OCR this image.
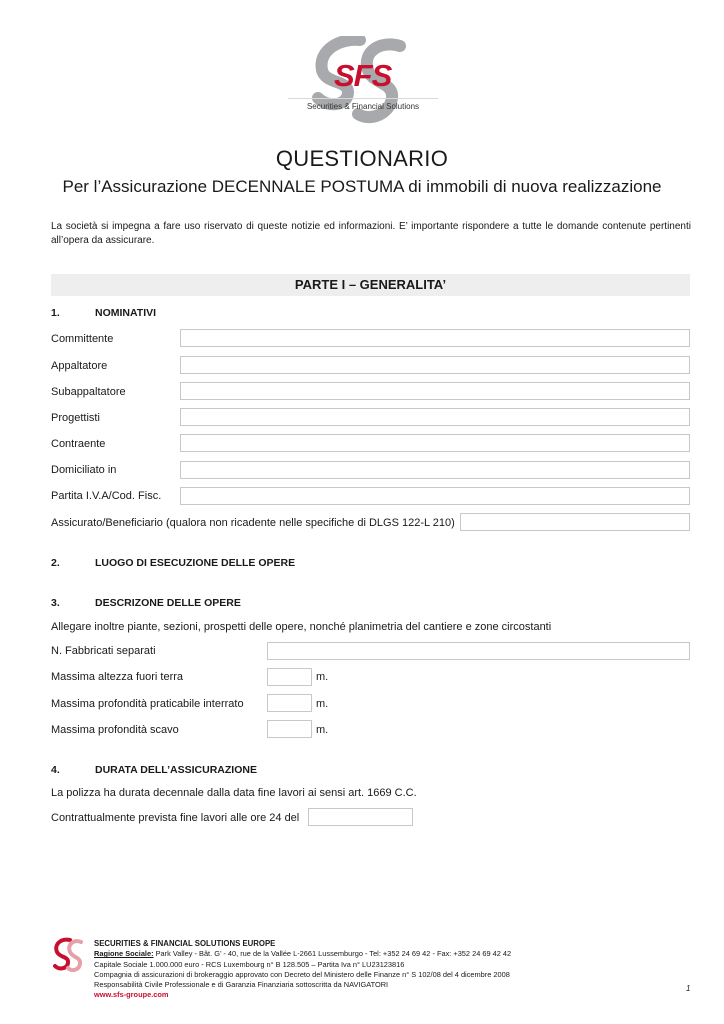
SFS
Securities & Financial Solutions
QUESTIONARIO
Per l’Assicurazione DECENNALE POSTUMA di immobili di nuova realizzazione
La società si impegna a fare uso riservato di queste notizie ed informazioni. E’ importante rispondere a tutte le domande contenute pertinenti all’opera da assicurare.
PARTE I – GENERALITA’
1.	NOMINATIVI
Committente
Appaltatore
Subappaltatore
Progettisti
Contraente
Domiciliato in
Partita I.V.A/Cod. Fisc.
Assicurato/Beneficiario (qualora non ricadente nelle specifiche di DLGS 122-L 210)
2.	LUOGO DI ESECUZIONE DELLE OPERE
3.	DESCRIZONE DELLE OPERE
Allegare inoltre piante, sezioni, prospetti delle opere, nonché planimetria del cantiere e zone circostanti
N. Fabbricati separati
Massima altezza fuori terra	m.
Massima profondità praticabile interrato	m.
Massima profondità scavo	m.
4.	DURATA DELL’ASSICURAZIONE
La polizza ha durata decennale dalla data fine lavori ai sensi art. 1669 C.C.
Contrattualmente prevista fine lavori alle ore 24 del
SECURITIES & FINANCIAL SOLUTIONS EUROPE
Ragione Sociale: Park Valley - Bât. G’ - 40, rue de la Vallée L-2661 Lussemburgo - Tel: +352 24 69 42 - Fax: +352 24 69 42 42
Capitale Sociale 1.000.000 euro - RCS Luxembourg n° B 128.505 – Partita Iva n° LU23123816
Compagnia di assicurazioni di brokeraggio approvato con Decreto del Ministero delle Finanze n° S 102/08 del 4 dicembre 2008
Responsabilità Civile Professionale e di Garanzia Finanziaria sottoscritta da NAVIGATORI
www.sfs-groupe.com
1
